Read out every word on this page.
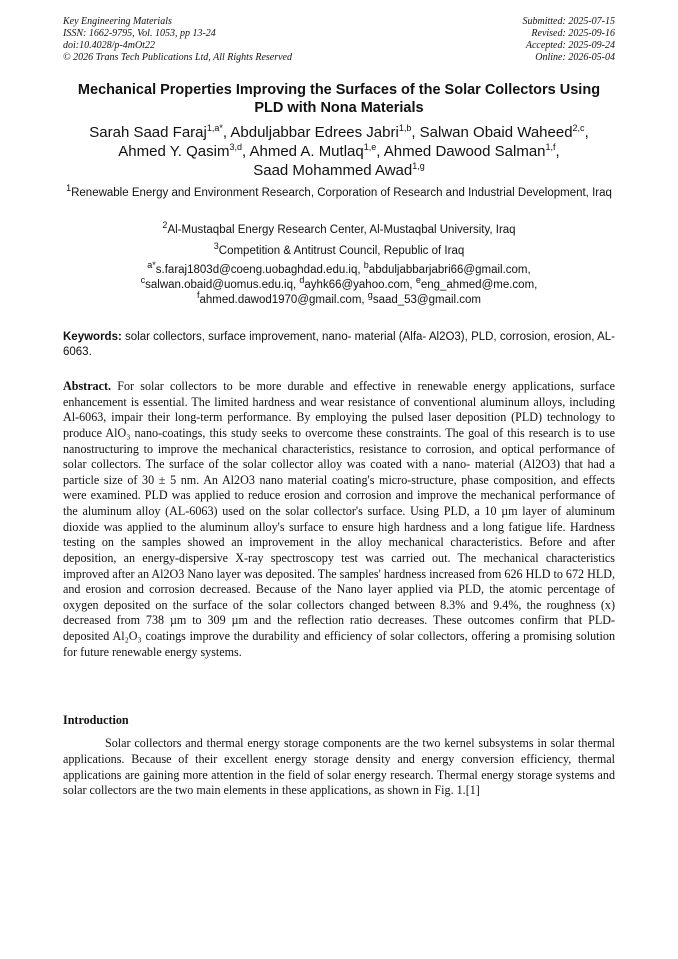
Key Engineering Materials
ISSN: 1662-9795, Vol. 1053, pp 13-24
doi:10.4028/p-4mOt22
© 2026 Trans Tech Publications Ltd, All Rights Reserved
Submitted: 2025-07-15
Revised: 2025-09-16
Accepted: 2025-09-24
Online: 2026-05-04
Mechanical Properties Improving the Surfaces of the Solar Collectors Using PLD with Nona Materials
Sarah Saad Faraj$^{1,a*}$, Abduljabbar Edrees Jabri$^{1,b}$, Salwan Obaid Waheed$^{2,c}$,
Ahmed Y. Qasim$^{3,d}$, Ahmed A. Mutlaq$^{1,e}$, Ahmed Dawood Salman$^{1,f}$,
Saad Mohammed Awad$^{1,g}$
$^1$Renewable Energy and Environment Research, Corporation of Research and Industrial Development, Iraq
$^2$Al-Mustaqbal Energy Research Center, Al-Mustaqbal University, Iraq
$^3$Competition & Antitrust Council, Republic of Iraq
$^{a*}$s.faraj1803d@coeng.uobaghdad.edu.iq, $^b$abduljabbarjabri66@gmail.com,
$^c$salwan.obaid@uomus.edu.iq, $^d$ayhk66@yahoo.com, $^e$eng_ahmed@me.com,
$^f$ahmed.dawod1970@gmail.com, $^g$saad_53@gmail.com
Keywords: solar collectors, surface improvement, nano- material (Alfa- Al2O3), PLD, corrosion, erosion, AL-6063.
Abstract. For solar collectors to be more durable and effective in renewable energy applications, surface enhancement is essential. The limited hardness and wear resistance of conventional aluminum alloys, including Al-6063, impair their long-term performance. By employing the pulsed laser deposition (PLD) technology to produce AlO₃ nano-coatings, this study seeks to overcome these constraints. The goal of this research is to use nanostructuring to improve the mechanical characteristics, resistance to corrosion, and optical performance of solar collectors. The surface of the solar collector alloy was coated with a nano- material (Al2O3) that had a particle size of 30 ± 5 nm. An Al2O3 nano material coating's micro-structure, phase composition, and effects were examined. PLD was applied to reduce erosion and corrosion and improve the mechanical performance of the aluminum alloy (AL-6063) used on the solar collector's surface. Using PLD, a 10 µm layer of aluminum dioxide was applied to the aluminum alloy's surface to ensure high hardness and a long fatigue life. Hardness testing on the samples showed an improvement in the alloy mechanical characteristics. Before and after deposition, an energy-dispersive X-ray spectroscopy test was carried out. The mechanical characteristics improved after an Al2O3 Nano layer was deposited. The samples' hardness increased from 626 HLD to 672 HLD, and erosion and corrosion decreased. Because of the Nano layer applied via PLD, the atomic percentage of oxygen deposited on the surface of the solar collectors changed between 8.3% and 9.4%, the roughness (x) decreased from 738 µm to 309 µm and the reflection ratio decreases. These outcomes confirm that PLD-deposited Al₂O₃ coatings improve the durability and efficiency of solar collectors, offering a promising solution for future renewable energy systems.
Introduction
Solar collectors and thermal energy storage components are the two kernel subsystems in solar thermal applications. Because of their excellent energy storage density and energy conversion efficiency, thermal applications are gaining more attention in the field of solar energy research. Thermal energy storage systems and solar collectors are the two main elements in these applications, as shown in Fig. 1.[1]
